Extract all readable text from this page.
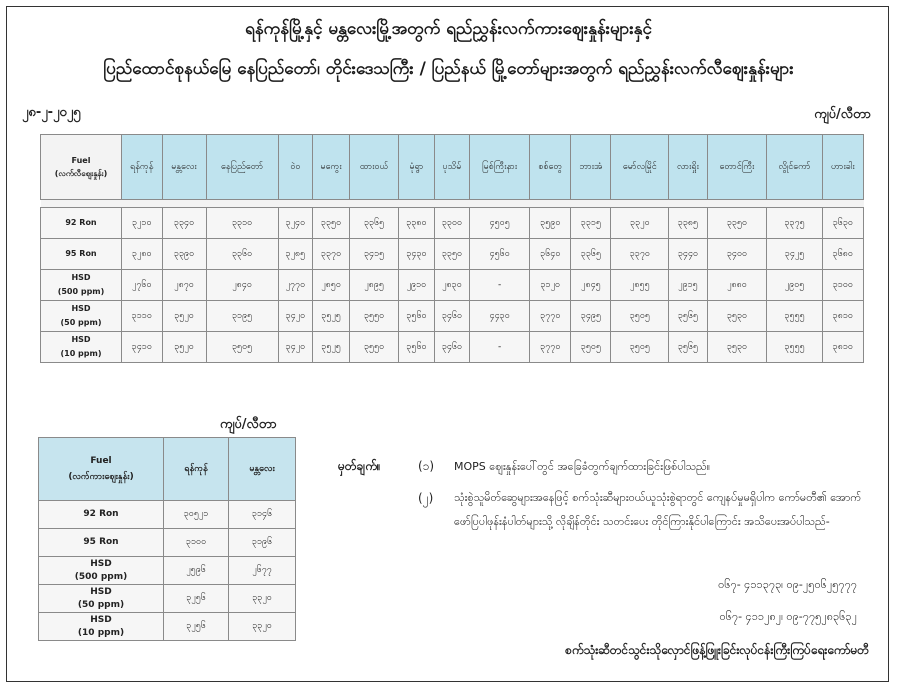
ရန်ကုန်မြို့နှင့် မန္တလေးမြို့အတွက် ရည်ညွှန်းလက်ကားဈေးနှုန်းများနှင့်
ပြည်ထောင်စုနယ်မြေ နေပြည်တော်၊ တိုင်းဒေသကြီး / ပြည်နယ် မြို့တော်များအတွက် ရည်ညွှန်းလက်လီဈေးနှုန်းများ
၂၈-၂-၂၀၂၅	ကျပ်/လီတာ
Fuel
(လက်လီဈေးနှုန်း)	ရန်ကုန်	မန္တလေး	နေပြည်တော်	ဝဲဝ	မကွေး	ထားဝယ်	မုံရွာ	ပုသိမ်	မြစ်ကြီးနား	စစ်တွေ	ဘားအံ	မော်လမြိုင်	လားရှိုး	တောင်ကြီး	လွိုင်ကော်	ဟားခါး

92 Ron	၃၂၁၀	၃၃၄၀	၃၃၁၀	၃၂၄၀	၃၃၅၀	၃၃၆၅	၃၃၈၀	၃၃၀၀	၄၅၀၅	၃၅၉၀	၃၃၁၅	၃၃၂၀	၃၃၈၅	၃၃၅၀	၃၃၇၅	၃၆၃၀

95 Ron	၃၂၈၀	၃၃၉၀	၃၃၆၀	၃၂၈၅	၃၃၇၀	၃၄၁၅	၃၄၃၀	၃၃၅၀	၄၅၆၀	၃၆၄၀	၃၃၆၅	၃၃၇၀	၃၄၄၀	၃၄၀၀	၃၄၂၅	၃၆၈၀

HSD
(500 ppm)	၂၇၆၀	၂၈၇၀	၂၈၄၀	၂၇၇၀	၂၈၅၀	၂၈၉၅	၂၉၁၀	၂၈၃၀	-	၃၁၂၀	၂၈၄၅	၂၈၅၅	၂၉၁၅	၂၈၈၀	၂၉၀၅	၃၁၀၀

HSD
(50 ppm)	၃၁၁၀	၃၅၂၀	၃၁၉၅	၃၄၂၀	၃၅၂၅	၃၅၅၀	၃၅၆၀	၃၄၆၀	၄၄၃၀	၃၇၇၀	၃၄၉၅	၃၅၀၅	၃၅၆၅	၃၅၃၀	၃၅၅၅	၃၈၁၀

HSD
(10 ppm)	၃၄၁၀	၃၅၂၀	၃၅၀၅	၃၄၂၀	၃၅၂၅	၃၅၅၀	၃၅၆၀	၃၄၆၀	-	၃၇၇၀	၃၅၀၅	၃၅၀၅	၃၅၆၅	၃၅၃၀	၃၅၅၅	၃၈၁၀
ကျပ်/လီတာ
Fuel
(လက်ကားဈေးနှုန်း)	ရန်ကုန်	မန္တလေး

92 Ron	၃၀၅၂၁	၃၁၄၆

95 Ron	၃၁၀၀	၃၁၉၆

HSD
(500 ppm)	၂၅၉၆	၂၆၇၇

HSD
(50 ppm)	၃၂၅၆	၃၃၂၀

HSD
(10 ppm)	၃၂၅၆	၃၃၂၀
မှတ်ချက်။	(၁) MOPS ဈေးနှုန်းပေါ်တွင် အခြေခံတွက်ချက်ထားခြင်းဖြစ်ပါသည်။
(၂) သုံးစွဲသူမိတ်ဆွေများအနေဖြင့် စက်သုံးဆီများဝယ်ယူသုံးစွဲရာတွင် ကျေနပ်မှုမရှိပါက ကော်မတီ၏ အောက်ဖော်ပြပါဖုန်းနံပါတ်များသို့ လိုချိန်တိုင်း သတင်းပေး တိုင်ကြားနိုင်ပါကြောင်း အသိပေးအပ်ပါသည်-
၀၆၇- ၄၁၁၃၇၃၊ ၀၉-၂၅၀၆၂၅၇၇၇
၀၆၇- ၄၁၁၂၈၂၊ ၀၉-၇၇၅၂၈၃၆၃၂
စက်သုံးဆီတင်သွင်းသိုလှောင်ဖြန့်ဖြူးခြင်းလုပ်ငန်းကြီးကြပ်ရေးကော်မတီ
